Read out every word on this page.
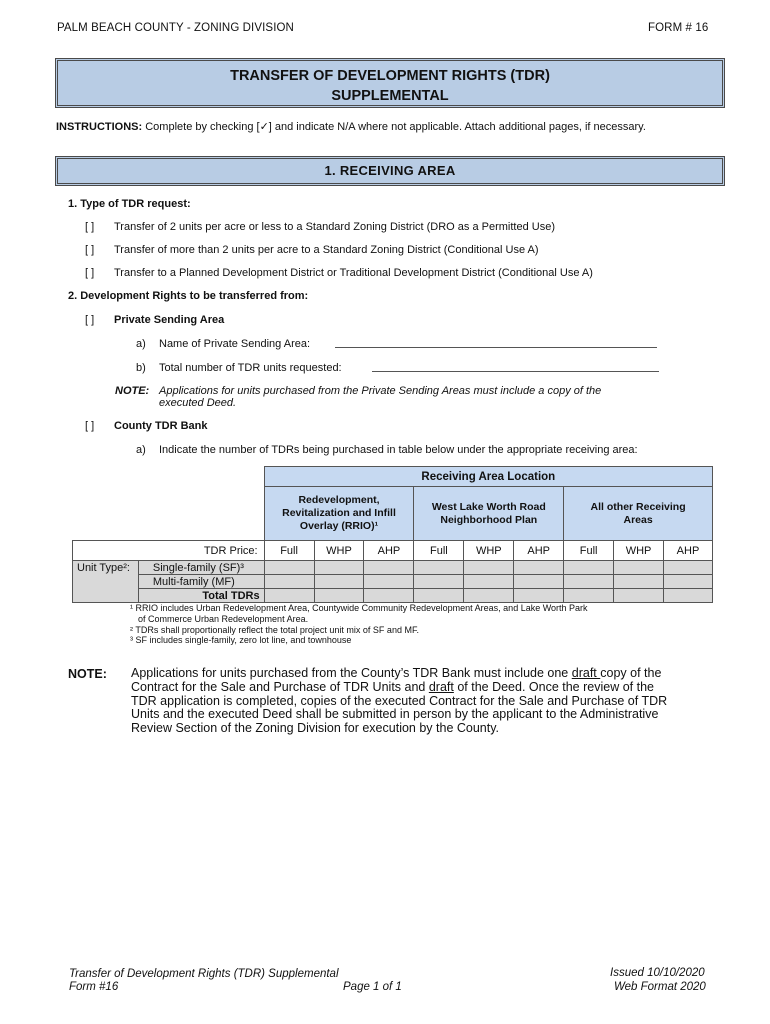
PALM BEACH COUNTY - ZONING DIVISION	FORM # 16
TRANSFER OF DEVELOPMENT RIGHTS (TDR)
SUPPLEMENTAL
INSTRUCTIONS: Complete by checking [✓] and indicate N/A where not applicable. Attach additional pages, if necessary.
1. RECEIVING AREA
1. Type of TDR request:
[ ] Transfer of 2 units per acre or less to a Standard Zoning District (DRO as a Permitted Use)
[ ] Transfer of more than 2 units per acre to a Standard Zoning District (Conditional Use A)
[ ] Transfer to a Planned Development District or Traditional Development District (Conditional Use A)
2. Development Rights to be transferred from:
[ ] Private Sending Area
a) Name of Private Sending Area:
b) Total number of TDR units requested:
NOTE: Applications for units purchased from the Private Sending Areas must include a copy of the
executed Deed.
[ ] County TDR Bank
a) Indicate the number of TDRs being purchased in table below under the appropriate receiving area:
		Receiving Area Location								
		Redevelopment, Revitalization and Infill Overlay (RRIO)¹			West Lake Worth Road Neighborhood Plan			All other Receiving Areas		
TDR Price:		Full	WHP	AHP	Full	WHP	AHP	Full	WHP	AHP
Unit Type²:	Single-family (SF)³									
	Multi-family (MF)									
	Total TDRs									
¹ RRIO includes Urban Redevelopment Area, Countywide Community Redevelopment Areas, and Lake Worth Park
of Commerce Urban Redevelopment Area.
² TDRs shall proportionally reflect the total project unit mix of SF and MF.
³ SF includes single-family, zero lot line, and townhouse
NOTE: Applications for units purchased from the County’s TDR Bank must include one draft copy of the
Contract for the Sale and Purchase of TDR Units and draft of the Deed. Once the review of the
TDR application is completed, copies of the executed Contract for the Sale and Purchase of TDR
Units and the executed Deed shall be submitted in person by the applicant to the Administrative
Review Section of the Zoning Division for execution by the County.
Transfer of Development Rights (TDR) Supplemental
Form #16	Page 1 of 1
Issued 10/10/2020
Web Format 2020
